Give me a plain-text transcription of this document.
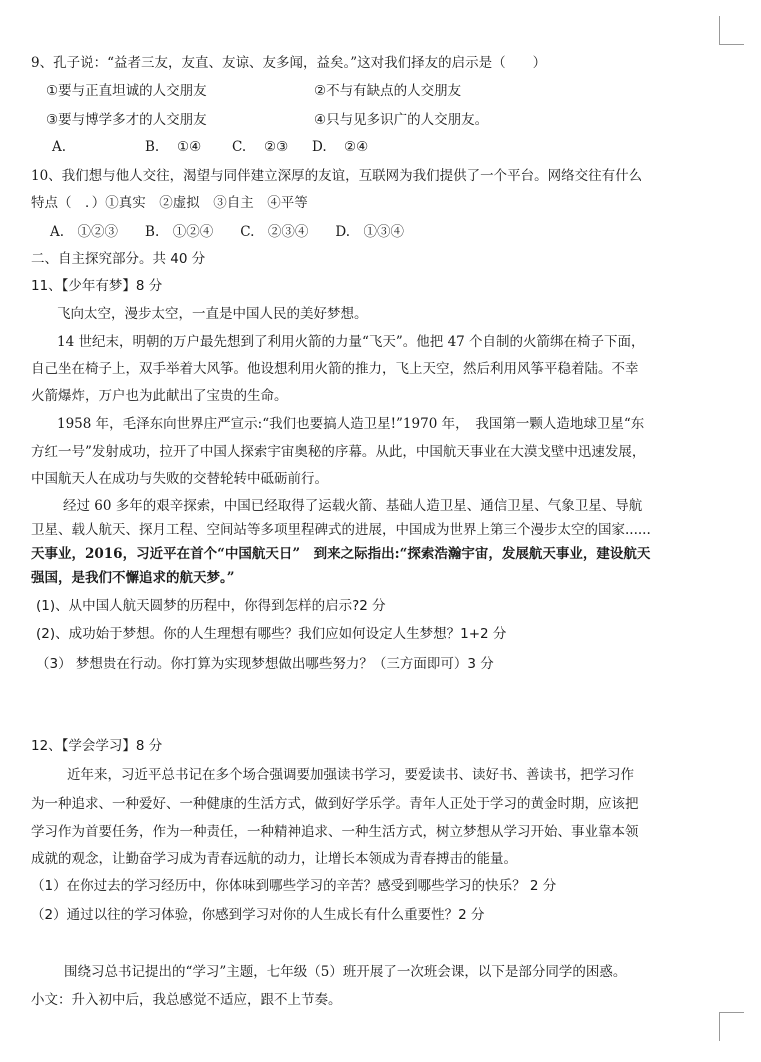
9、孔子说：“益者三友，友直、友谅、友多闻，益矣。”这对我们择友的启示是（　　）
①要与正直坦诚的人交朋友	②不与有缺点的人交朋友
③要与博学多才的人交朋友	④只与见多识广的人交朋友。
B.
A.	①④ C. ②③ D. ②④
10、我们想与他人交往，渴望与同伴建立深厚的友谊，互联网为我们提供了一个平台。网络交往有什么
特点（　．）①真实　②虚拟　③自主　④平等
A.　①②③　　B.　①②④　　C.　②③④　　D.　①③④
二、自主探究部分。共 40 分
11、【少年有梦】8 分
飞向太空，漫步太空，一直是中国人民的美好梦想。
14 世纪末，明朝的万户最先想到了利用火箭的力量“飞天”。他把 47 个自制的火箭绑在椅子下面，
自己坐在椅子上，双手举着大风筝。他设想利用火箭的推力，飞上天空，然后利用风筝平稳着陆。不幸
火箭爆炸，万户也为此献出了宝贵的生命。
1958 年，毛泽东向世界庄严宣示:“我们也要搞人造卫星!”1970 年，　我国第一颗人造地球卫星“东
方红一号”发射成功，拉开了中国人探索宇宙奥秘的序幕。从此，中国航天事业在大漠戈壁中迅速发展，
中国航天人在成功与失败的交替轮转中砥砺前行。
经过 60 多年的艰辛探索，中国已经取得了运载火箭、基础人造卫星、通信卫星、气象卫星、导航
卫星、载人航天、探月工程、空间站等多项里程碑式的进展，中国成为世界上第三个漫步太空的国家......
天事业，2016，习近平在首个“中国航天日”　到来之际指出:“探索浩瀚宇宙，发展航天事业，建设航天
强国，是我们不懈追求的航天梦。”
(1)、从中国人航天圆梦的历程中，你得到怎样的启示?2 分
(2)、成功始于梦想。你的人生理想有哪些？我们应如何设定人生梦想？1+2 分
（3） 梦想贵在行动。你打算为实现梦想做出哪些努力？（三方面即可）3 分
12、【学会学习】8 分
近年来，习近平总书记在多个场合强调要加强读书学习，要爱读书、读好书、善读书，把学习作
为一种追求、一种爱好、一种健康的生活方式，做到好学乐学。青年人正处于学习的黄金时期，应该把
学习作为首要任务，作为一种责任，一种精神追求、一种生活方式，树立梦想从学习开始、事业靠本领
成就的观念，让勤奋学习成为青春远航的动力，让增长本领成为青春搏击的能量。
（1）在你过去的学习经历中，你体味到哪些学习的辛苦？感受到哪些学习的快乐？ 2 分
（2）通过以往的学习体验，你感到学习对你的人生成长有什么重要性？2 分
围绕习总书记提出的“学习”主题，七年级（5）班开展了一次班会课，以下是部分同学的困惑。
小文：升入初中后，我总感觉不适应，跟不上节奏。
